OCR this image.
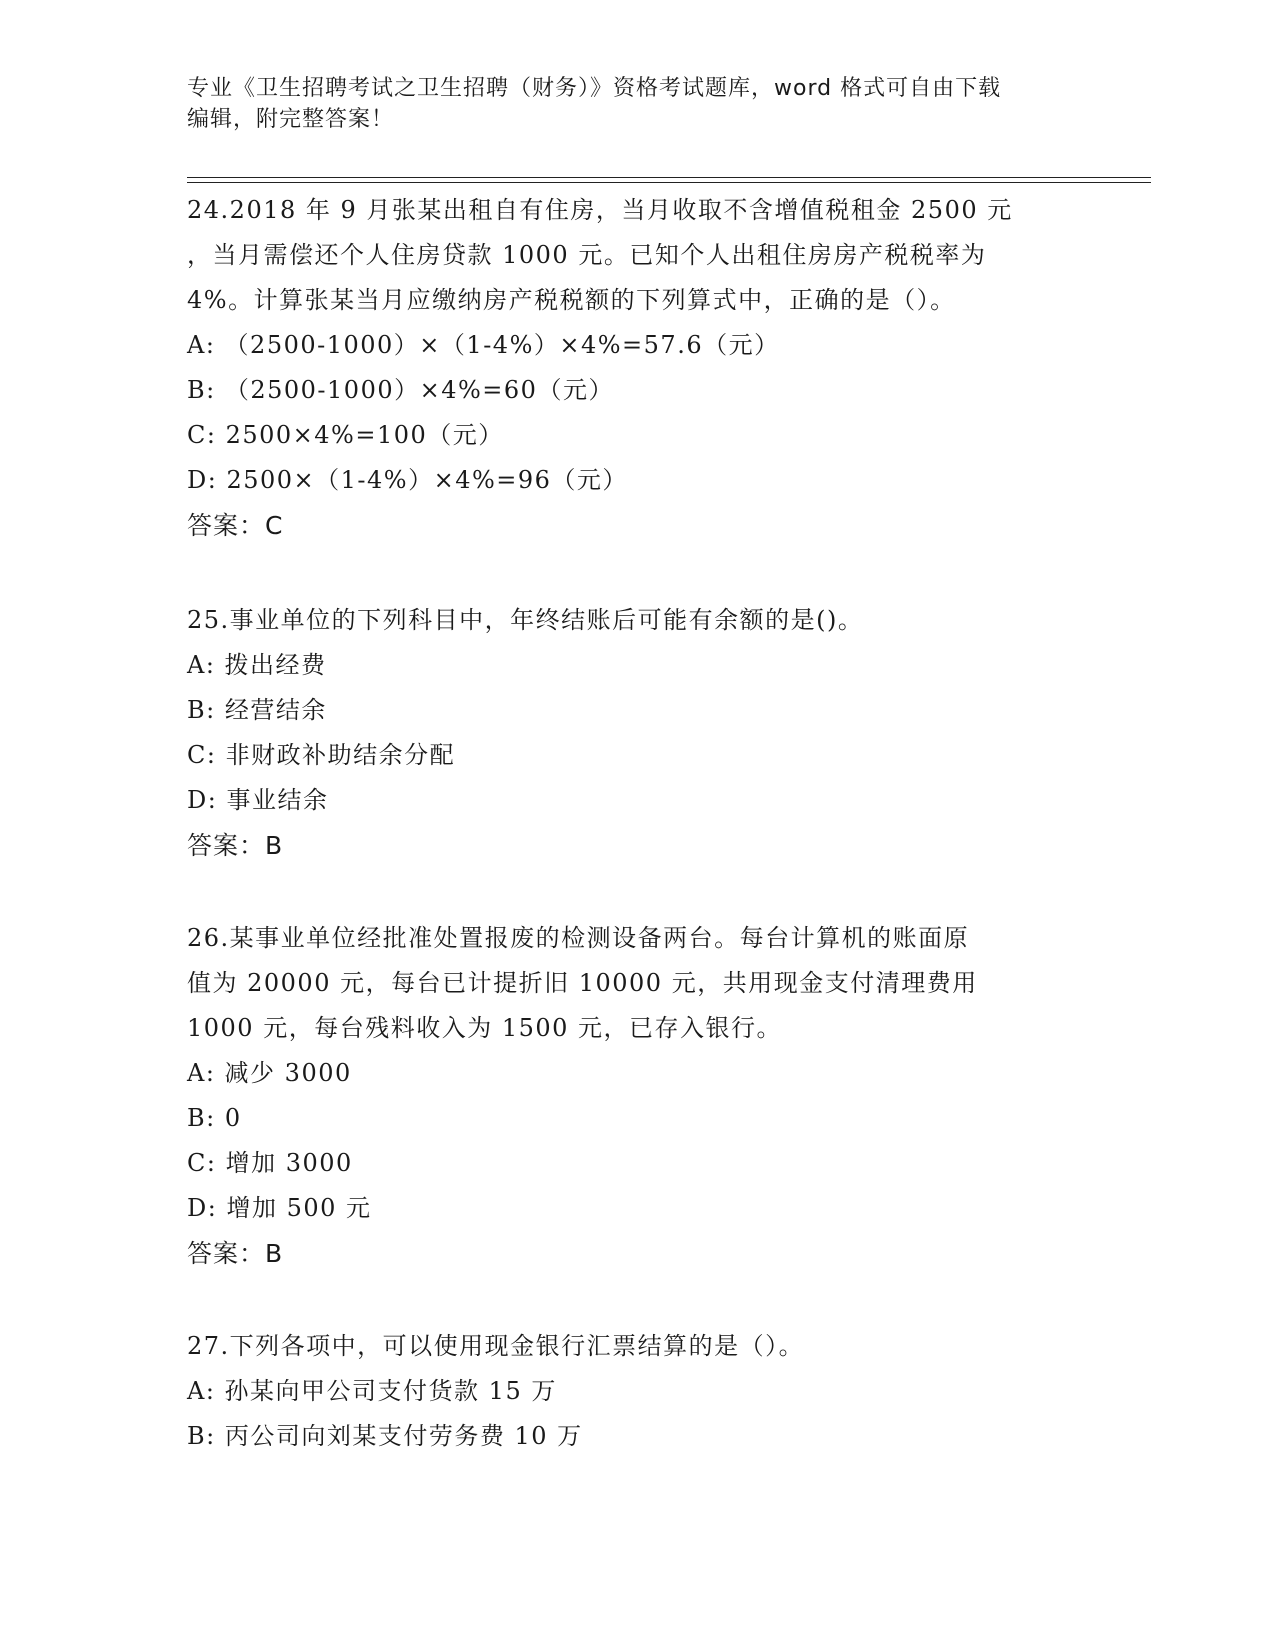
专业《卫生招聘考试之卫生招聘（财务）》资格考试题库，word 格式可自由下载
编辑，附完整答案！
24.2018 年 9 月张某出租自有住房，当月收取不含增值税租金 2500 元
，当月需偿还个人住房贷款 1000 元。已知个人出租住房房产税税率为
4%。计算张某当月应缴纳房产税税额的下列算式中，正确的是（）。
A: （2500-1000）×（1-4%）×4%=57.6（元）
B: （2500-1000）×4%=60（元）
C: 2500×4%=100（元）
D: 2500×（1-4%）×4%=96（元）
答案：C
25.事业单位的下列科目中，年终结账后可能有余额的是()。
A: 拨出经费
B: 经营结余
C: 非财政补助结余分配
D: 事业结余
答案：B
26.某事业单位经批准处置报废的检测设备两台。每台计算机的账面原
值为 20000 元，每台已计提折旧 10000 元，共用现金支付清理费用
1000 元，每台残料收入为 1500 元，已存入银行。
A: 减少 3000
B: 0
C: 增加 3000
D: 增加 500 元
答案：B
27.下列各项中，可以使用现金银行汇票结算的是（）。
A: 孙某向甲公司支付货款 15 万
B: 丙公司向刘某支付劳务费 10 万
